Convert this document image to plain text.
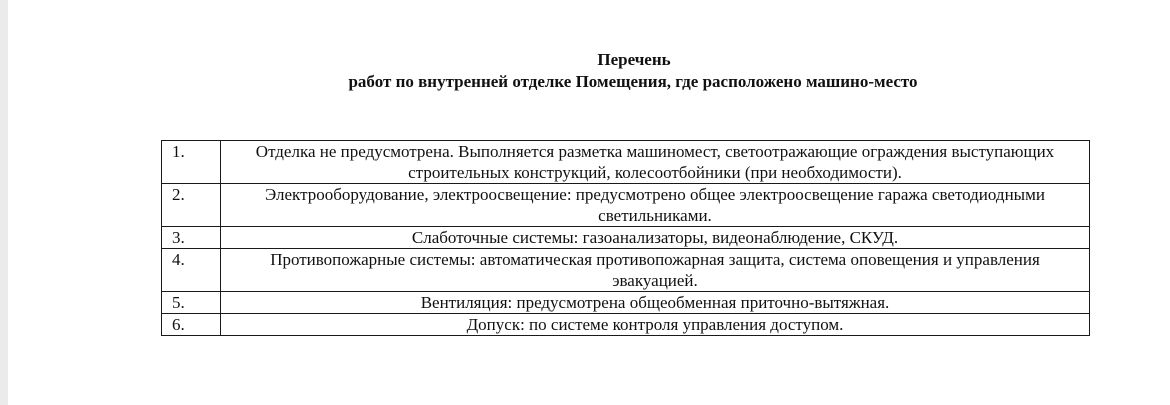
Перечень
работ по внутренней отделке Помещения, где расположено машино-место
1.	Отделка не предусмотрена. Выполняется разметка машиномест, светоотражающие ограждения выступающих строительных конструкций, колесоотбойники (при необходимости).
2.	Электрооборудование, электроосвещение: предусмотрено общее электроосвещение гаража светодиодными светильниками.
3.	Слаботочные системы: газоанализаторы, видеонаблюдение, СКУД.
4.	Противопожарные системы: автоматическая противопожарная защита, система оповещения и управления эвакуацией.
5.	Вентиляция: предусмотрена общеобменная приточно-вытяжная.
6.	Допуск: по системе контроля управления доступом.
